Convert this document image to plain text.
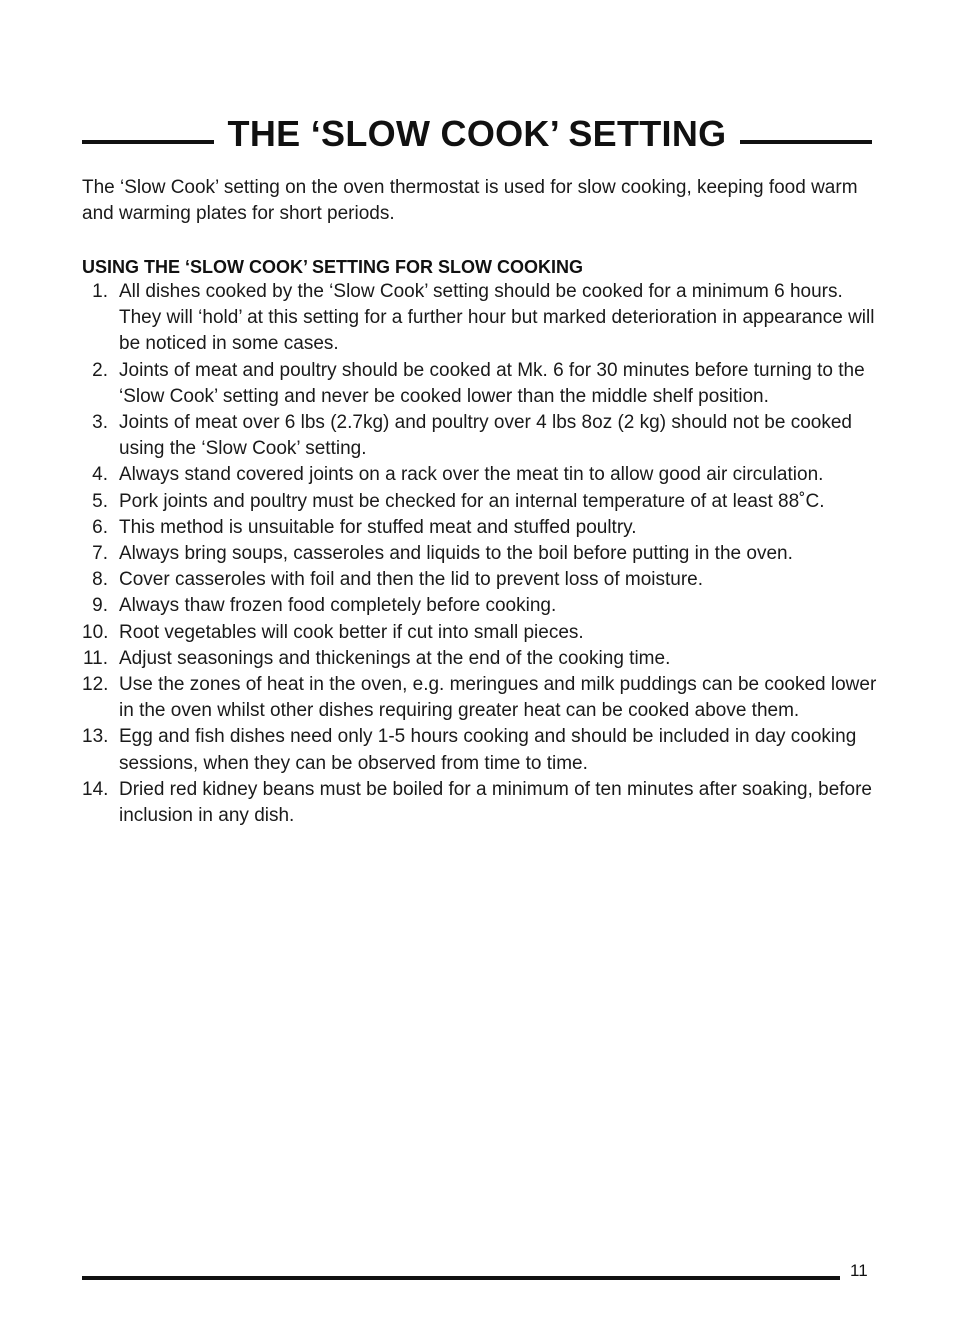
THE ‘SLOW COOK’ SETTING

The ‘Slow Cook’ setting on the oven thermostat is used for slow cooking, keeping food warm and warming plates for short periods.

USING THE ‘SLOW COOK’ SETTING FOR SLOW COOKING
1. All dishes cooked by the ‘Slow Cook’ setting should be cooked for a minimum 6 hours. They will ‘hold’ at this setting for a further hour but marked deterioration in appearance will be noticed in some cases.
2. Joints of meat and poultry should be cooked at Mk. 6 for 30 minutes before turning to the ‘Slow Cook’ setting and never be cooked lower than the middle shelf position.
3. Joints of meat over 6 lbs (2.7kg) and poultry over 4 lbs 8oz (2 kg) should not be cooked using the ‘Slow Cook’ setting.
4. Always stand covered joints on a rack over the meat tin to allow good air circulation.
5. Pork joints and poultry must be checked for an internal temperature of at least 88˚C.
6. This method is unsuitable for stuffed meat and stuffed poultry.
7. Always bring soups, casseroles and liquids to the boil before putting in the oven.
8. Cover casseroles with foil and then the lid to prevent loss of moisture.
9. Always thaw frozen food completely before cooking.
10. Root vegetables will cook better if cut into small pieces.
11. Adjust seasonings and thickenings at the end of the cooking time.
12. Use the zones of heat in the oven, e.g. meringues and milk puddings can be cooked lower in the oven whilst other dishes requiring greater heat can be cooked above them.
13. Egg and fish dishes need only 1-5 hours cooking and should be included in day cooking sessions, when they can be observed from time to time.
14. Dried red kidney beans must be boiled for a minimum of ten minutes after soaking, before inclusion in any dish.
11
